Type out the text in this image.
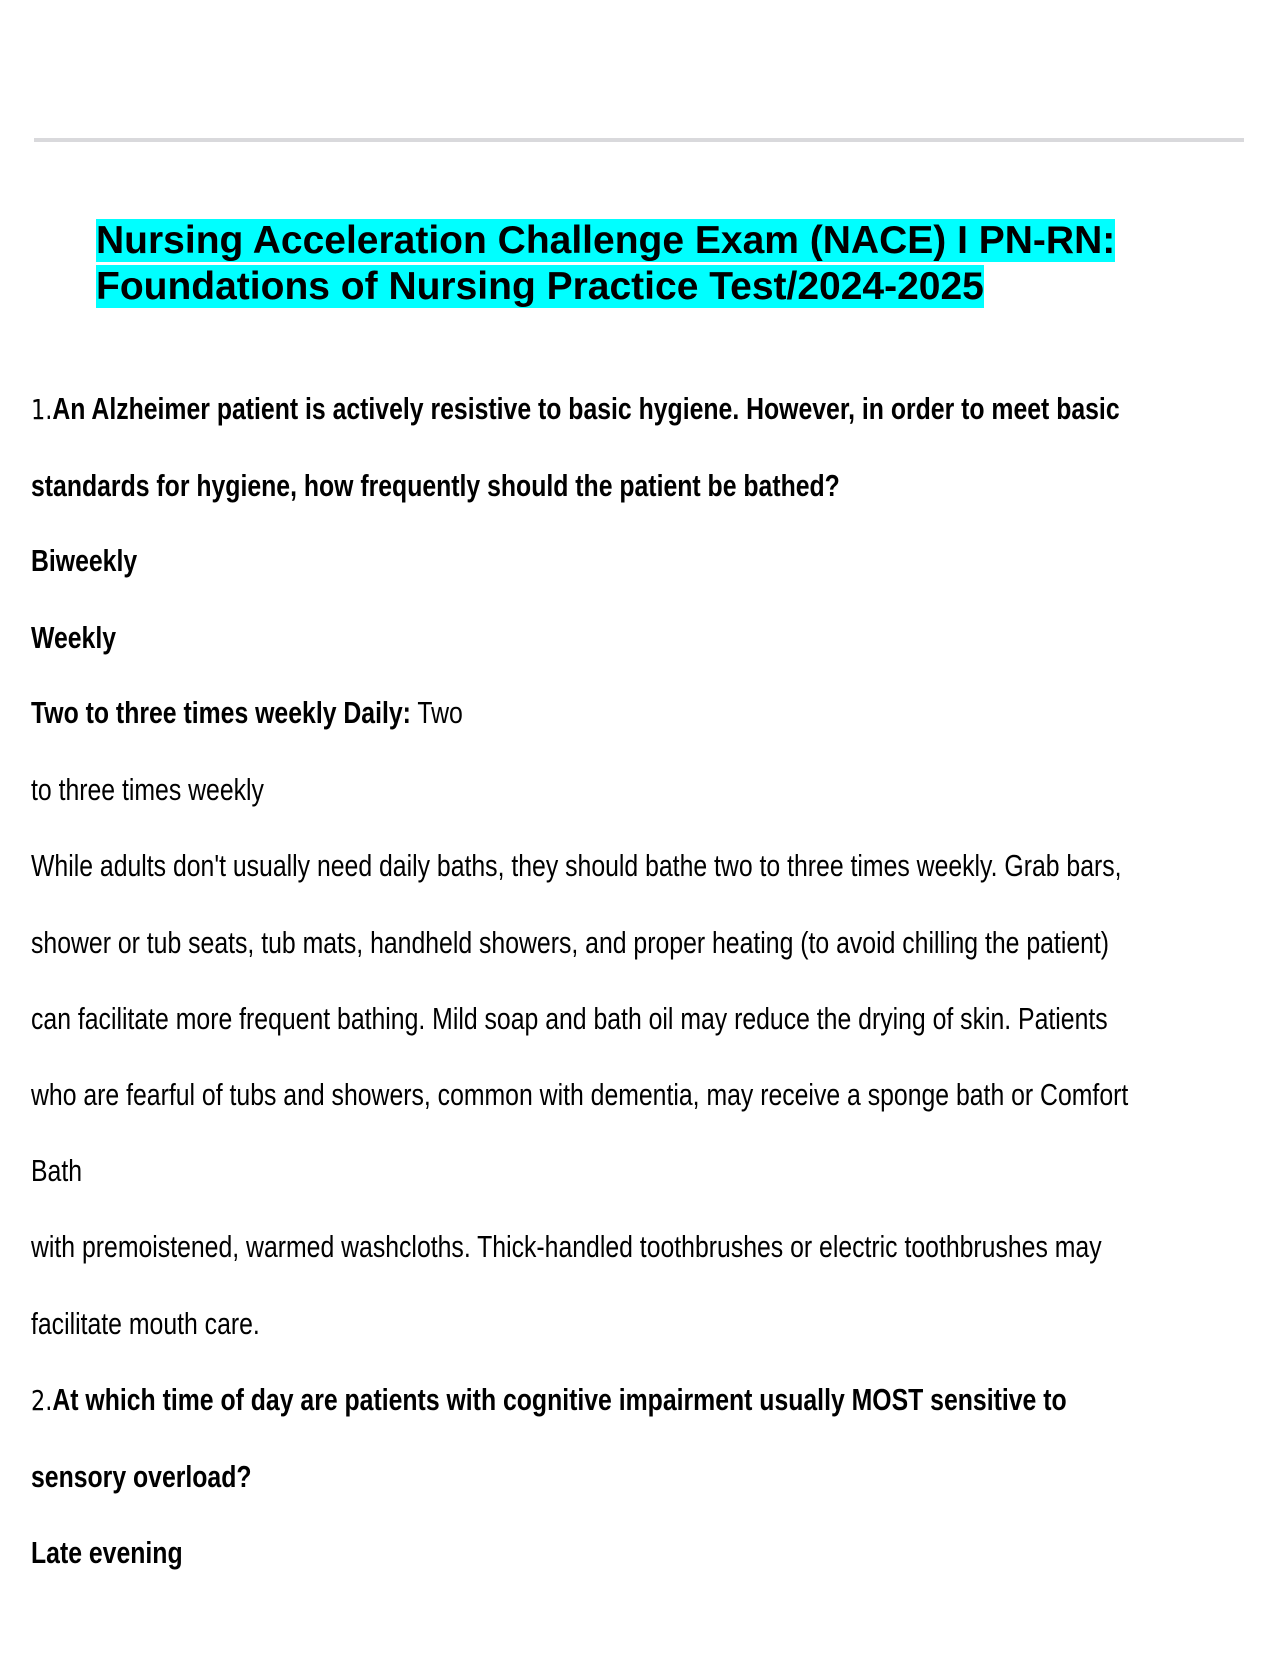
Nursing Acceleration Challenge Exam (NACE) I PN-RN:
Foundations of Nursing Practice Test/2024-2025
1.An Alzheimer patient is actively resistive to basic hygiene. However, in order to meet basic
standards for hygiene, how frequently should the patient be bathed?
Biweekly
Weekly
Two to three times weekly Daily: Two
to three times weekly
While adults don't usually need daily baths, they should bathe two to three times weekly. Grab bars,
shower or tub seats, tub mats, handheld showers, and proper heating (to avoid chilling the patient)
can facilitate more frequent bathing. Mild soap and bath oil may reduce the drying of skin. Patients
who are fearful of tubs and showers, common with dementia, may receive a sponge bath or Comfort
Bath
with premoistened, warmed washcloths. Thick-handled toothbrushes or electric toothbrushes may
facilitate mouth care.
2.At which time of day are patients with cognitive impairment usually MOST sensitive to
sensory overload?
Late evening
